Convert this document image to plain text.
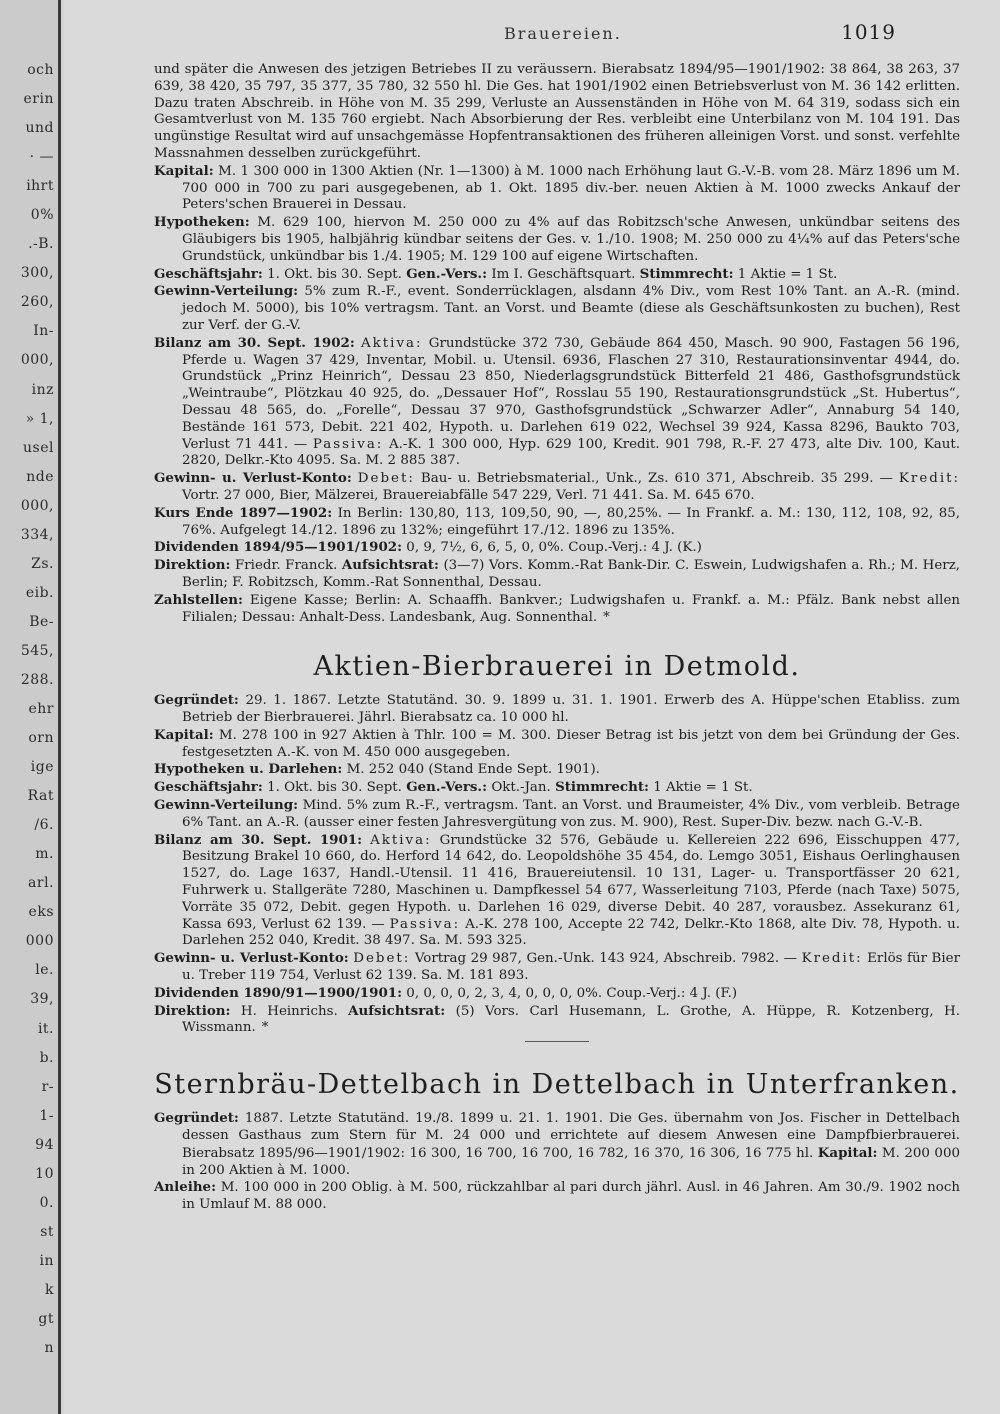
och
erin
und
· —
ihrt
0%
.-B.
300,
260,
In-
000,
inz
» 1,
usel
nde
000,
334,
Zs.
eib.
Be-
545,
288.
ehr
orn
ige
Rat
/6.
m.
arl.
eks
000
le.
39,
it.
b.
r-
1-
94
10
0.
st
in
k
gt
n
Brauereien.	1019

und später die Anwesen des jetzigen Betriebes II zu veräussern. Bierabsatz 1894/95—1901/1902: 38 864, 38 263, 37 639, 38 420, 35 797, 35 377, 35 780, 32 550 hl. Die Ges. hat 1901/1902 einen Betriebsverlust von M. 36 142 erlitten. Dazu traten Abschreib. in Höhe von M. 35 299, Verluste an Aussenständen in Höhe von M. 64 319, sodass sich ein Gesamtverlust von M. 135 760 ergiebt. Nach Absorbierung der Res. verbleibt eine Unterbilanz von M. 104 191. Das ungünstige Resultat wird auf unsachgemässe Hopfentransaktionen des früheren alleinigen Vorst. und sonst. verfehlte Massnahmen desselben zurückgeführt.

Kapital: M. 1 300 000 in 1300 Aktien (Nr. 1—1300) à M. 1000 nach Erhöhung laut G.-V.-B. vom 28. März 1896 um M. 700 000 in 700 zu pari ausgegebenen, ab 1. Okt. 1895 div.-ber. neuen Aktien à M. 1000 zwecks Ankauf der Peters'schen Brauerei in Dessau.

Hypotheken: M. 629 100, hiervon M. 250 000 zu 4% auf das Robitzsch'sche Anwesen, unkündbar seitens des Gläubigers bis 1905, halbjährig kündbar seitens der Ges. v. 1./10. 1908; M. 250 000 zu 4¼% auf das Peters'sche Grundstück, unkündbar bis 1./4. 1905; M. 129 100 auf eigene Wirtschaften.

Geschäftsjahr: 1. Okt. bis 30. Sept. Gen.-Vers.: Im I. Geschäftsquart. Stimmrecht: 1 Aktie = 1 St.

Gewinn-Verteilung: 5% zum R.-F., event. Sonderrücklagen, alsdann 4% Div., vom Rest 10% Tant. an A.-R. (mind. jedoch M. 5000), bis 10% vertragsm. Tant. an Vorst. und Beamte (diese als Geschäftsunkosten zu buchen), Rest zur Verf. der G.-V.

Bilanz am 30. Sept. 1902: Aktiva: Grundstücke 372 730, Gebäude 864 450, Masch. 90 900, Fastagen 56 196, Pferde u. Wagen 37 429, Inventar, Mobil. u. Utensil. 6936, Flaschen 27 310, Restaurationsinventar 4944, do. Grundstück „Prinz Heinrich“, Dessau 23 850, Niederlagsgrundstück Bitterfeld 21 486, Gasthofsgrundstück „Weintraube“, Plötzkau 40 925, do. „Dessauer Hof“, Rosslau 55 190, Restaurationsgrundstück „St. Hubertus“, Dessau 48 565, do. „Forelle“, Dessau 37 970, Gasthofsgrundstück „Schwarzer Adler“, Annaburg 54 140, Bestände 161 573, Debit. 221 402, Hypoth. u. Darlehen 619 022, Wechsel 39 924, Kassa 8296, Baukto 703, Verlust 71 441. — Passiva: A.-K. 1 300 000, Hyp. 629 100, Kredit. 901 798, R.-F. 27 473, alte Div. 100, Kaut. 2820, Delkr.-Kto 4095. Sa. M. 2 885 387.

Gewinn- u. Verlust-Konto: Debet: Bau- u. Betriebsmaterial., Unk., Zs. 610 371, Abschreib. 35 299. — Kredit: Vortr. 27 000, Bier, Mälzerei, Brauereiabfälle 547 229, Verl. 71 441. Sa. M. 645 670.

Kurs Ende 1897—1902: In Berlin: 130,80, 113, 109,50, 90, —, 80,25%. — In Frankf. a. M.: 130, 112, 108, 92, 85, 76%. Aufgelegt 14./12. 1896 zu 132%; eingeführt 17./12. 1896 zu 135%.

Dividenden 1894/95—1901/1902: 0, 9, 7½, 6, 6, 5, 0, 0%. Coup.-Verj.: 4 J. (K.)

Direktion: Friedr. Franck. Aufsichtsrat: (3—7) Vors. Komm.-Rat Bank-Dir. C. Eswein, Ludwigshafen a. Rh.; M. Herz, Berlin; F. Robitzsch, Komm.-Rat Sonnenthal, Dessau.

Zahlstellen: Eigene Kasse; Berlin: A. Schaaffh. Bankver.; Ludwigshafen u. Frankf. a. M.: Pfälz. Bank nebst allen Filialen; Dessau: Anhalt-Dess. Landesbank, Aug. Sonnenthal. *

Aktien-Bierbrauerei in Detmold.

Gegründet: 29. 1. 1867. Letzte Statutänd. 30. 9. 1899 u. 31. 1. 1901. Erwerb des A. Hüppe'schen Etabliss. zum Betrieb der Bierbrauerei. Jährl. Bierabsatz ca. 10 000 hl.

Kapital: M. 278 100 in 927 Aktien à Thlr. 100 = M. 300. Dieser Betrag ist bis jetzt von dem bei Gründung der Ges. festgesetzten A.-K. von M. 450 000 ausgegeben.

Hypotheken u. Darlehen: M. 252 040 (Stand Ende Sept. 1901).

Geschäftsjahr: 1. Okt. bis 30. Sept. Gen.-Vers.: Okt.-Jan. Stimmrecht: 1 Aktie = 1 St.

Gewinn-Verteilung: Mind. 5% zum R.-F., vertragsm. Tant. an Vorst. und Braumeister, 4% Div., vom verbleib. Betrage 6% Tant. an A.-R. (ausser einer festen Jahresvergütung von zus. M. 900), Rest. Super-Div. bezw. nach G.-V.-B.

Bilanz am 30. Sept. 1901: Aktiva: Grundstücke 32 576, Gebäude u. Kellereien 222 696, Eisschuppen 477, Besitzung Brakel 10 660, do. Herford 14 642, do. Leopoldshöhe 35 454, do. Lemgo 3051, Eishaus Oerlinghausen 1527, do. Lage 1637, Handl.-Utensil. 11 416, Brauereiutensil. 10 131, Lager- u. Transportfässer 20 621, Fuhrwerk u. Stallgeräte 7280, Maschinen u. Dampfkessel 54 677, Wasserleitung 7103, Pferde (nach Taxe) 5075, Vorräte 35 072, Debit. gegen Hypoth. u. Darlehen 16 029, diverse Debit. 40 287, vorausbez. Assekuranz 61, Kassa 693, Verlust 62 139. — Passiva: A.-K. 278 100, Accepte 22 742, Delkr.-Kto 1868, alte Div. 78, Hypoth. u. Darlehen 252 040, Kredit. 38 497. Sa. M. 593 325.

Gewinn- u. Verlust-Konto: Debet: Vortrag 29 987, Gen.-Unk. 143 924, Abschreib. 7982. — Kredit: Erlös für Bier u. Treber 119 754, Verlust 62 139. Sa. M. 181 893.

Dividenden 1890/91—1900/1901: 0, 0, 0, 0, 2, 3, 4, 0, 0, 0, 0%. Coup.-Verj.: 4 J. (F.)

Direktion: H. Heinrichs. Aufsichtsrat: (5) Vors. Carl Husemann, L. Grothe, A. Hüppe, R. Kotzenberg, H. Wissmann. *

Sternbräu-Dettelbach in Dettelbach in Unterfranken.

Gegründet: 1887. Letzte Statutänd. 19./8. 1899 u. 21. 1. 1901. Die Ges. übernahm von Jos. Fischer in Dettelbach dessen Gasthaus zum Stern für M. 24 000 und errichtete auf diesem Anwesen eine Dampfbierbrauerei. Bierabsatz 1895/96—1901/1902: 16 300, 16 700, 16 700, 16 782, 16 370, 16 306, 16 775 hl. Kapital: M. 200 000 in 200 Aktien à M. 1000.

Anleihe: M. 100 000 in 200 Oblig. à M. 500, rückzahlbar al pari durch jährl. Ausl. in 46 Jahren. Am 30./9. 1902 noch in Umlauf M. 88 000.
